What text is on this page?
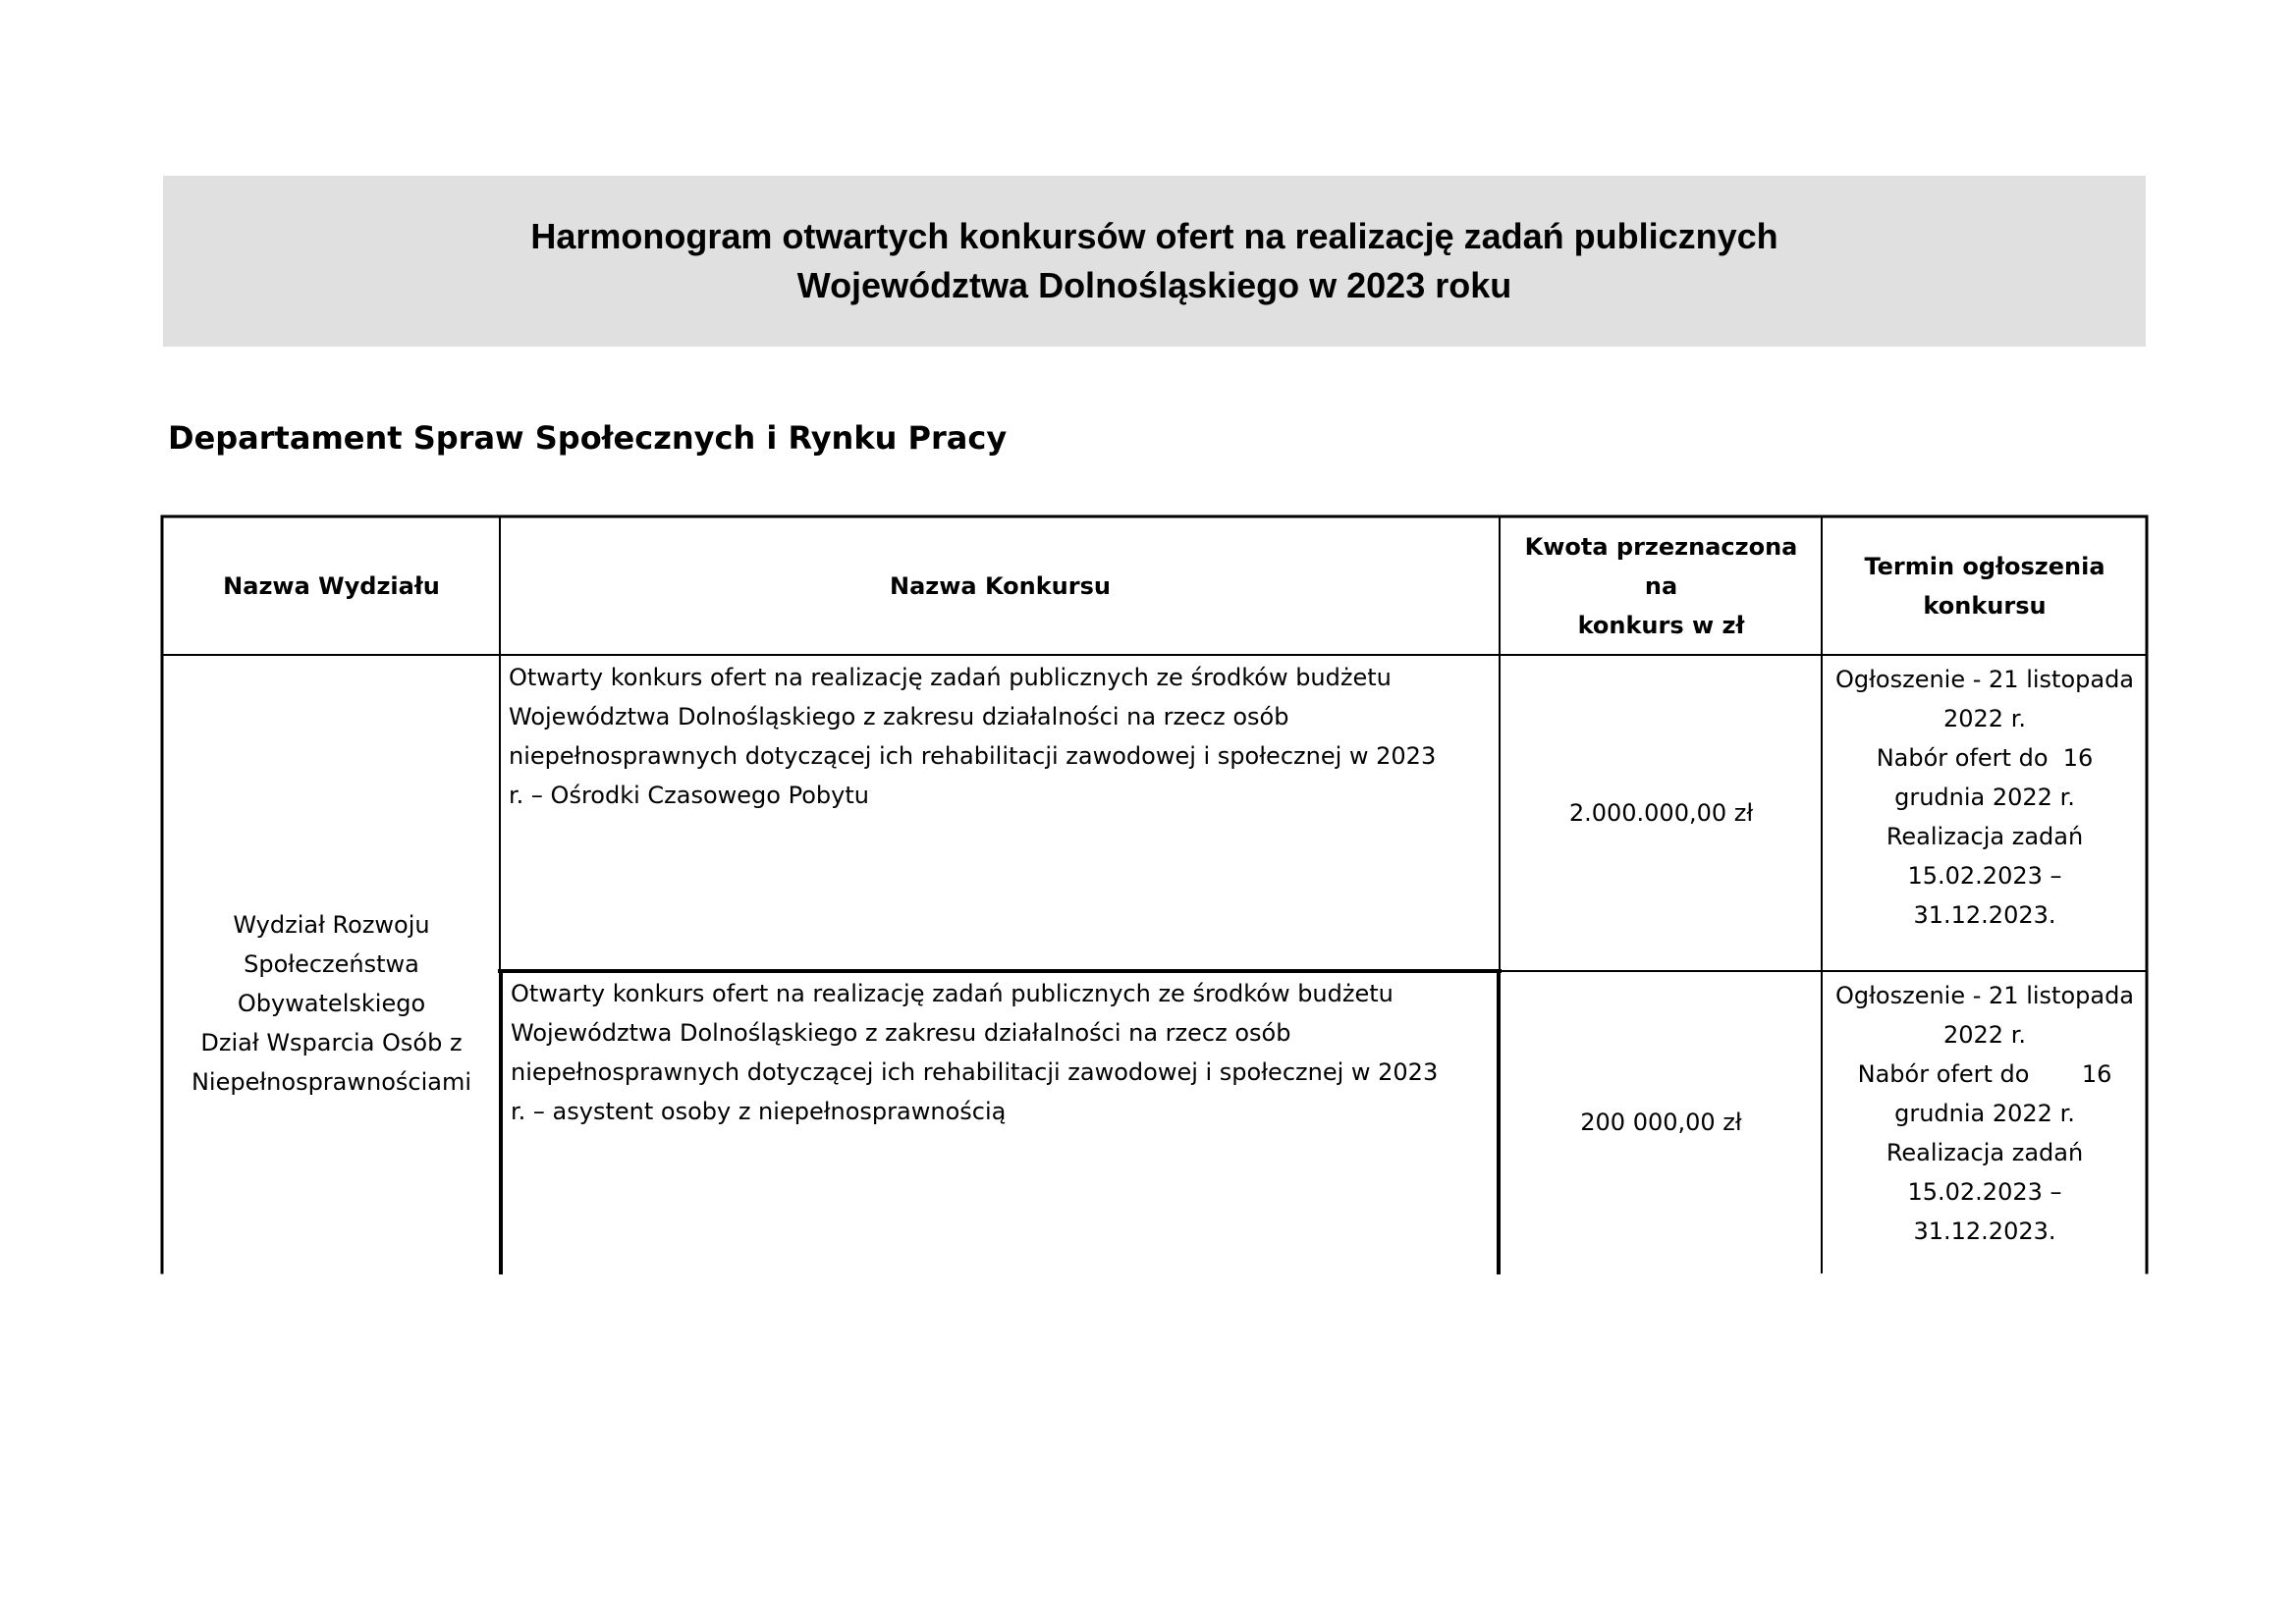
Harmonogram otwartych konkursów ofert na realizację zadań publicznych
Województwa Dolnośląskiego w 2023 roku
Departament Spraw Społecznych i Rynku Pracy
Nazwa Wydziału	Nazwa Konkursu
Kwota przeznaczona na
konkurs w zł
Termin ogłoszenia
konkursu
Wydział Rozwoju
Społeczeństwa
Obywatelskiego
Dział Wsparcia Osób z
Niepełnosprawnościami
Otwarty konkurs ofert na realizację zadań publicznych ze środków budżetu
Województwa Dolnośląskiego z zakresu działalności na rzecz osób
niepełnosprawnych dotyczącej ich rehabilitacji zawodowej i społecznej w 2023
r. – Ośrodki Czasowego Pobytu
2.000.000,00 zł
Ogłoszenie - 21 listopada
2022 r.
Nabór ofert do  16
grudnia 2022 r.
Realizacja zadań
15.02.2023 –
31.12.2023.
Otwarty konkurs ofert na realizację zadań publicznych ze środków budżetu
Województwa Dolnośląskiego z zakresu działalności na rzecz osób
niepełnosprawnych dotyczącej ich rehabilitacji zawodowej i społecznej w 2023
r. – asystent osoby z niepełnosprawnością	200 000,00 zł
Ogłoszenie - 21 listopada
2022 r.
Nabór ofert do       16
grudnia 2022 r.
Realizacja zadań
15.02.2023 –
31.12.2023.
